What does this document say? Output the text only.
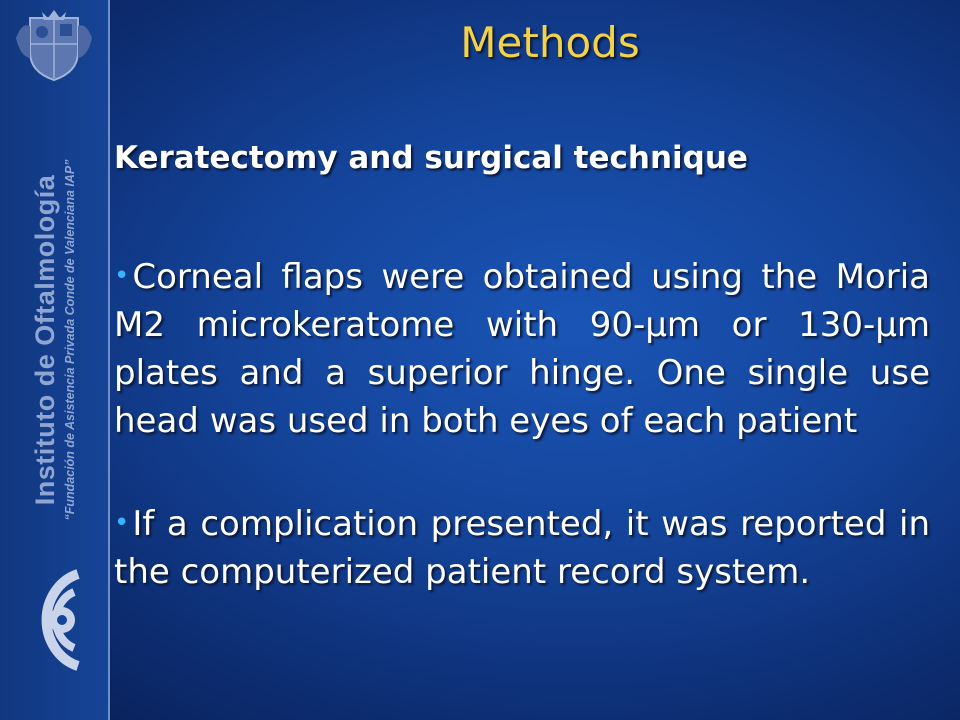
Instituto de Oftalmología “Fundación de Asistencia Privada Conde de Valenciana IAP”
Methods
Keratectomy and surgical technique
•Corneal flaps were obtained using the Moria M2 microkeratome with 90-µm or 130-µm plates and a superior hinge. One single use head was used in both eyes of each patient
•If a complication presented, it was reported in the computerized patient record system.
